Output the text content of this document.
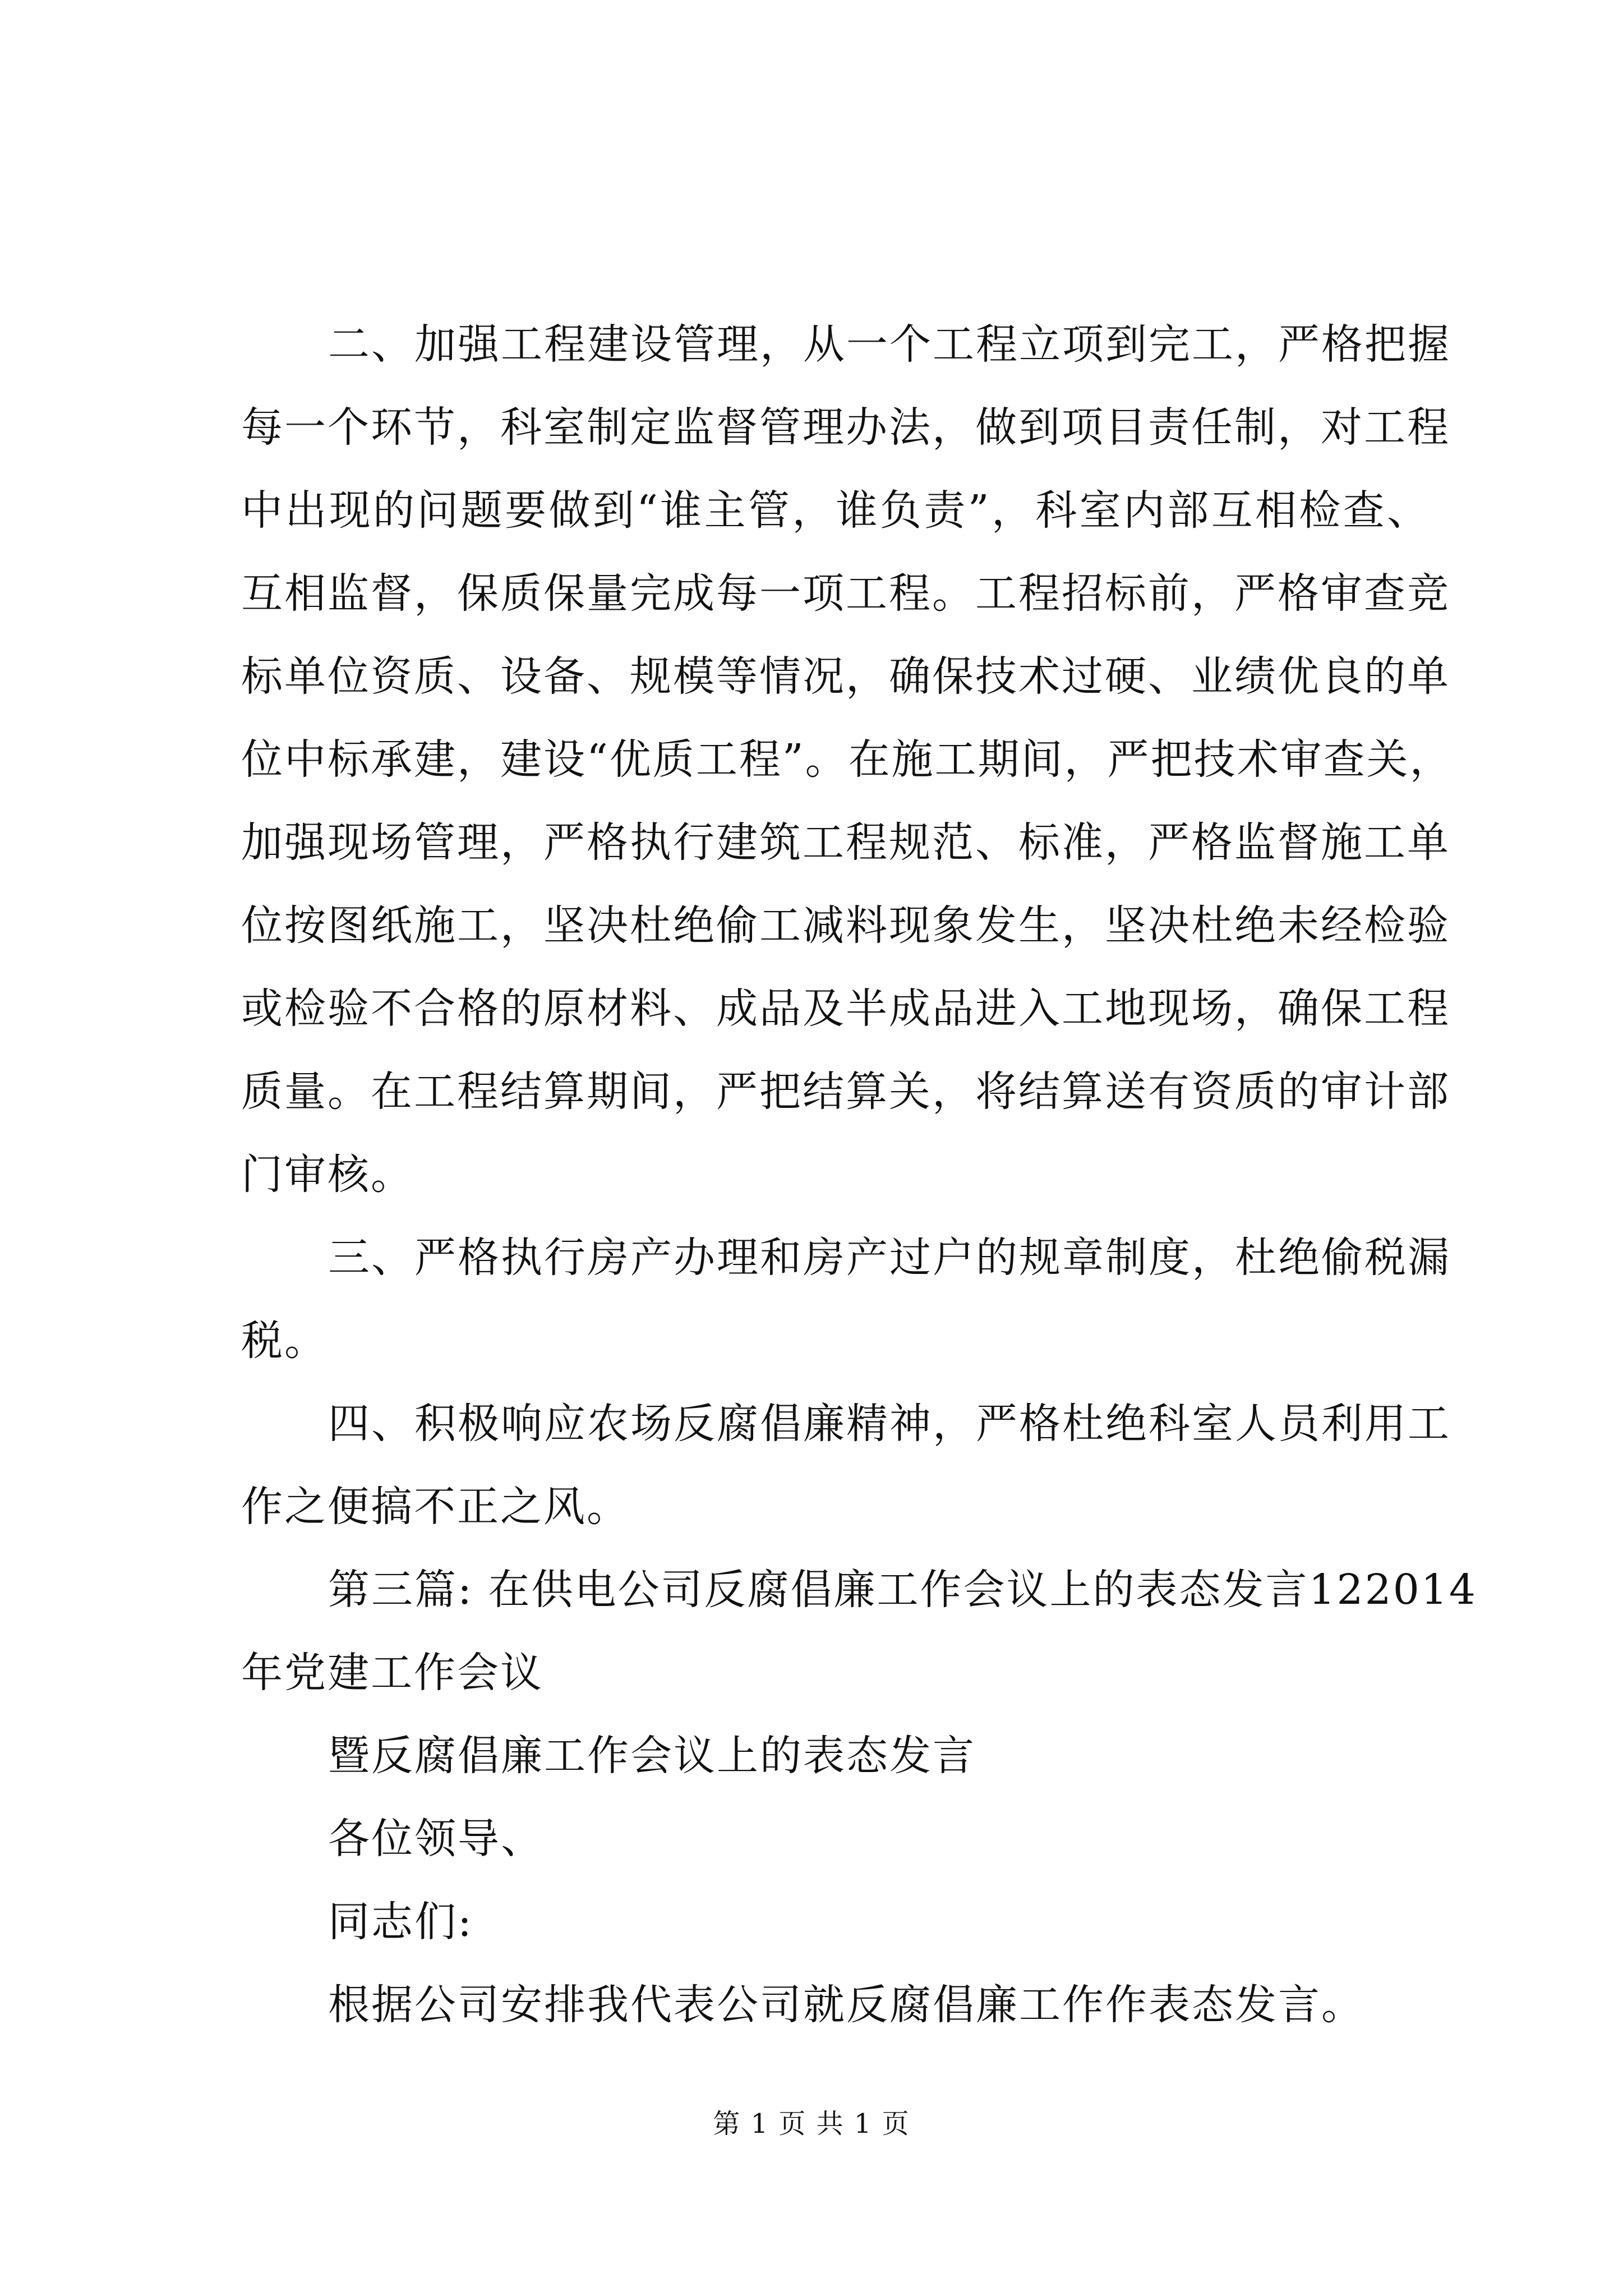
二、加强工程建设管理，从一个工程立项到完工，严格把握
每一个环节，科室制定监督管理办法，做到项目责任制，对工程
中出现的问题要做到“谁主管，谁负责”，科室内部互相检查、
互相监督，保质保量完成每一项工程。工程招标前，严格审查竞
标单位资质、设备、规模等情况，确保技术过硬、业绩优良的单
位中标承建，建设“优质工程”。在施工期间，严把技术审查关，
加强现场管理，严格执行建筑工程规范、标准，严格监督施工单
位按图纸施工，坚决杜绝偷工减料现象发生，坚决杜绝未经检验
或检验不合格的原材料、成品及半成品进入工地现场，确保工程
质量。在工程结算期间，严把结算关，将结算送有资质的审计部
门审核。
三、严格执行房产办理和房产过户的规章制度，杜绝偷税漏
税。
四、积极响应农场反腐倡廉精神，严格杜绝科室人员利用工
作之便搞不正之风。
第三篇: 在供电公司反腐倡廉工作会议上的表态发言122014
年党建工作会议
暨反腐倡廉工作会议上的表态发言
各位领导、
同志们:
根据公司安排我代表公司就反腐倡廉工作作表态发言。
第 1 页 共 1 页
